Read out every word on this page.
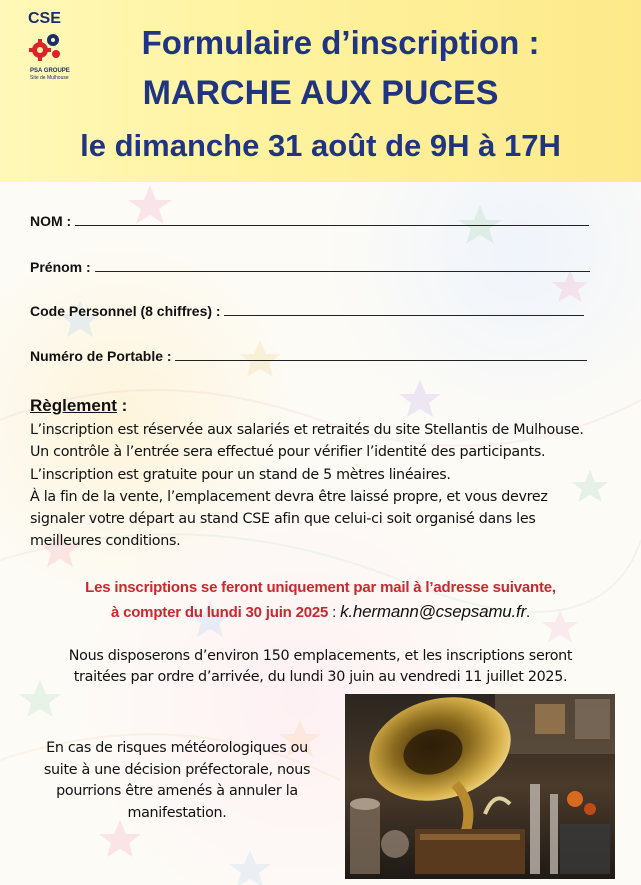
CSE
PSA GROUPE
Site de Mulhouse
Formulaire d’inscription :
MARCHE AUX PUCES
le dimanche 31 août de 9H à 17H
NOM :
Prénom :
Code Personnel (8 chiffres) :
Numéro de Portable :
Règlement :
L’inscription est réservée aux salariés et retraités du site Stellantis de Mulhouse.
Un contrôle à l’entrée sera effectué pour vérifier l’identité des participants.
L’inscription est gratuite pour un stand de 5 mètres linéaires.
À la fin de la vente, l’emplacement devra être laissé propre, et vous devrez
signaler votre départ au stand CSE afin que celui-ci soit organisé dans les
meilleures conditions.
Les inscriptions se feront uniquement par mail à l’adresse suivante,
à compter du lundi 30 juin 2025 : k.hermann@csepsamu.fr.
Nous disposerons d’environ 150 emplacements, et les inscriptions seront
traitées par ordre d’arrivée, du lundi 30 juin au vendredi 11 juillet 2025.
En cas de risques météorologiques ou
suite à une décision préfectorale, nous
pourrions être amenés à annuler la
manifestation.
